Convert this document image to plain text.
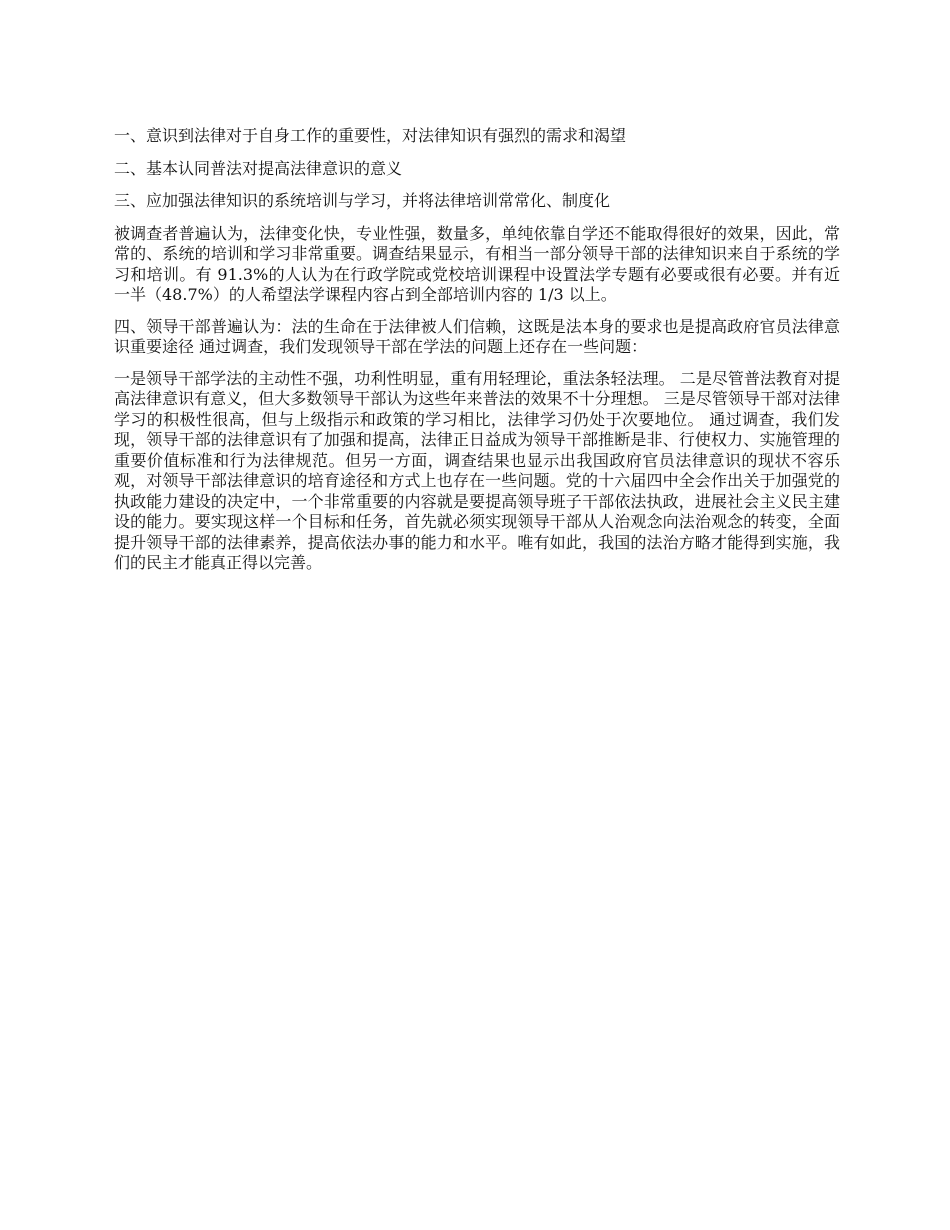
一、意识到法律对于自身工作的重要性，对法律知识有强烈的需求和渴望

二、基本认同普法对提高法律意识的意义

三、应加强法律知识的系统培训与学习，并将法律培训常常化、制度化

被调查者普遍认为，法律变化快，专业性强，数量多，单纯依靠自学还不能取得很好的效果，因此，常常的、系统的培训和学习非常重要。调查结果显示，有相当一部分领导干部的法律知识来自于系统的学习和培训。有 91.3%的人认为在行政学院或党校培训课程中设置法学专题有必要或很有必要。并有近一半（48.7%）的人希望法学课程内容占到全部培训内容的 1/3 以上。

四、领导干部普遍认为：法的生命在于法律被人们信赖，这既是法本身的要求也是提高政府官员法律意识重要途径 通过调查，我们发现领导干部在学法的问题上还存在一些问题：

一是领导干部学法的主动性不强，功利性明显，重有用轻理论，重法条轻法理。 二是尽管普法教育对提高法律意识有意义，但大多数领导干部认为这些年来普法的效果不十分理想。 三是尽管领导干部对法律学习的积极性很高，但与上级指示和政策的学习相比，法律学习仍处于次要地位。 通过调查，我们发现，领导干部的法律意识有了加强和提高，法律正日益成为领导干部推断是非、行使权力、实施管理的重要价值标准和行为法律规范。但另一方面，调查结果也显示出我国政府官员法律意识的现状不容乐观，对领导干部法律意识的培育途径和方式上也存在一些问题。党的十六届四中全会作出关于加强党的执政能力建设的决定中，一个非常重要的内容就是要提高领导班子干部依法执政，进展社会主义民主建设的能力。要实现这样一个目标和任务，首先就必须实现领导干部从人治观念向法治观念的转变，全面提升领导干部的法律素养，提高依法办事的能力和水平。唯有如此，我国的法治方略才能得到实施，我们的民主才能真正得以完善。
